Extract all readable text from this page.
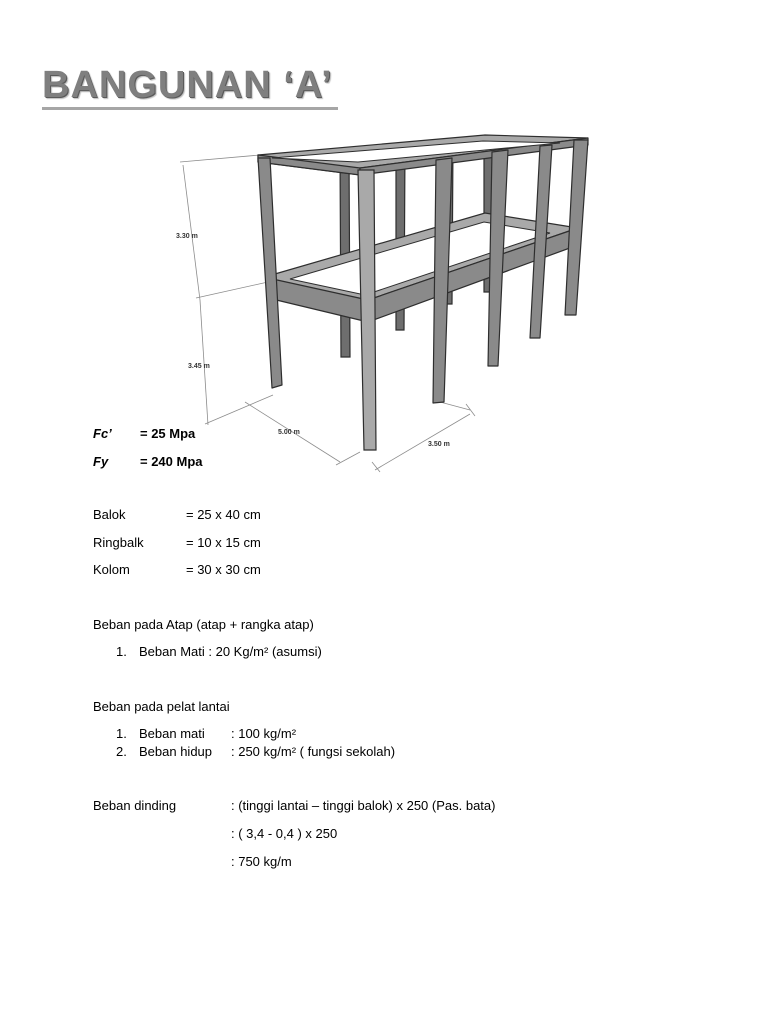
BANGUNAN ‘A’
3.30 m
3.45 m
5.00 m
3.50 m
Fc’ = 25 Mpa
Fy = 240 Mpa
Balok	= 25 x 40 cm
Ringbalk	= 10 x 15 cm
Kolom	= 30 x 30 cm
Beban pada Atap (atap + rangka atap)
1. Beban Mati : 20 Kg/m² (asumsi)
Beban pada pelat lantai
1. Beban mati : 100 kg/m²
2. Beban hidup : 250 kg/m² ( fungsi sekolah)
Beban dinding	: (tinggi lantai – tinggi balok) x 250 (Pas. bata)
: ( 3,4 - 0,4 ) x 250
: 750 kg/m
